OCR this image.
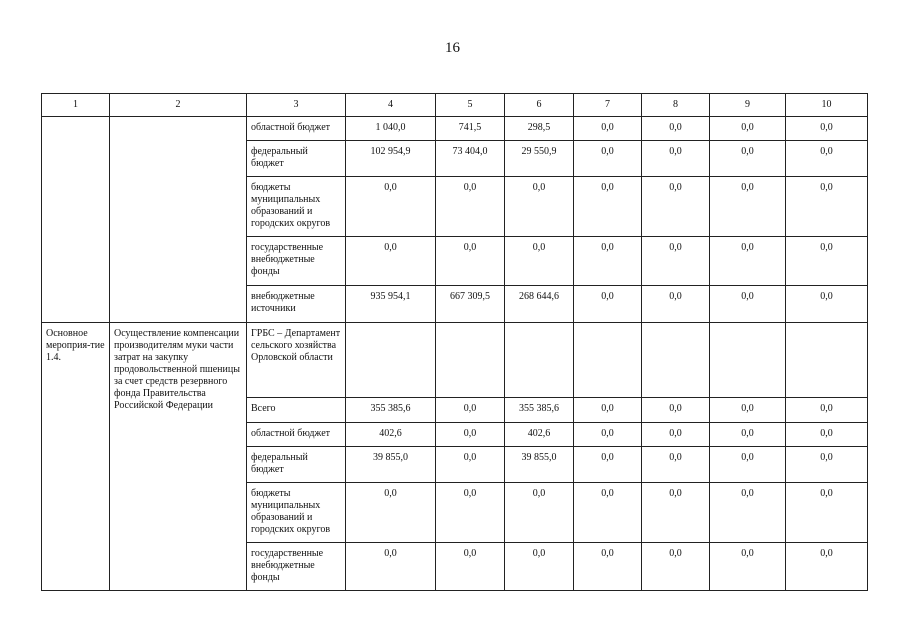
16
1	2	3	4	5	6	7	8	9	10
		областной бюджет	1 040,0	741,5	298,5	0,0	0,0	0,0	0,0
		федеральный бюджет	102 954,9	73 404,0	29 550,9	0,0	0,0	0,0	0,0
		бюджеты муниципальных образований и городских округов	0,0	0,0	0,0	0,0	0,0	0,0	0,0
		государственные внебюджетные фонды	0,0	0,0	0,0	0,0	0,0	0,0	0,0
		внебюджетные источники	935 954,1	667 309,5	268 644,6	0,0	0,0	0,0	0,0
Основное мероприя-тие 1.4.	Осуществление компенсации производителям муки части затрат на закупку продовольственной пшеницы за счет средств резервного фонда Правительства Российской Федерации	ГРБС – Департамент сельского хозяйства Орловской области							
		Всего	355 385,6	0,0	355 385,6	0,0	0,0	0,0	0,0
		областной бюджет	402,6	0,0	402,6	0,0	0,0	0,0	0,0
		федеральный бюджет	39 855,0	0,0	39 855,0	0,0	0,0	0,0	0,0
		бюджеты муниципальных образований и городских округов	0,0	0,0	0,0	0,0	0,0	0,0	0,0
		государственные внебюджетные фонды	0,0	0,0	0,0	0,0	0,0	0,0	0,0
